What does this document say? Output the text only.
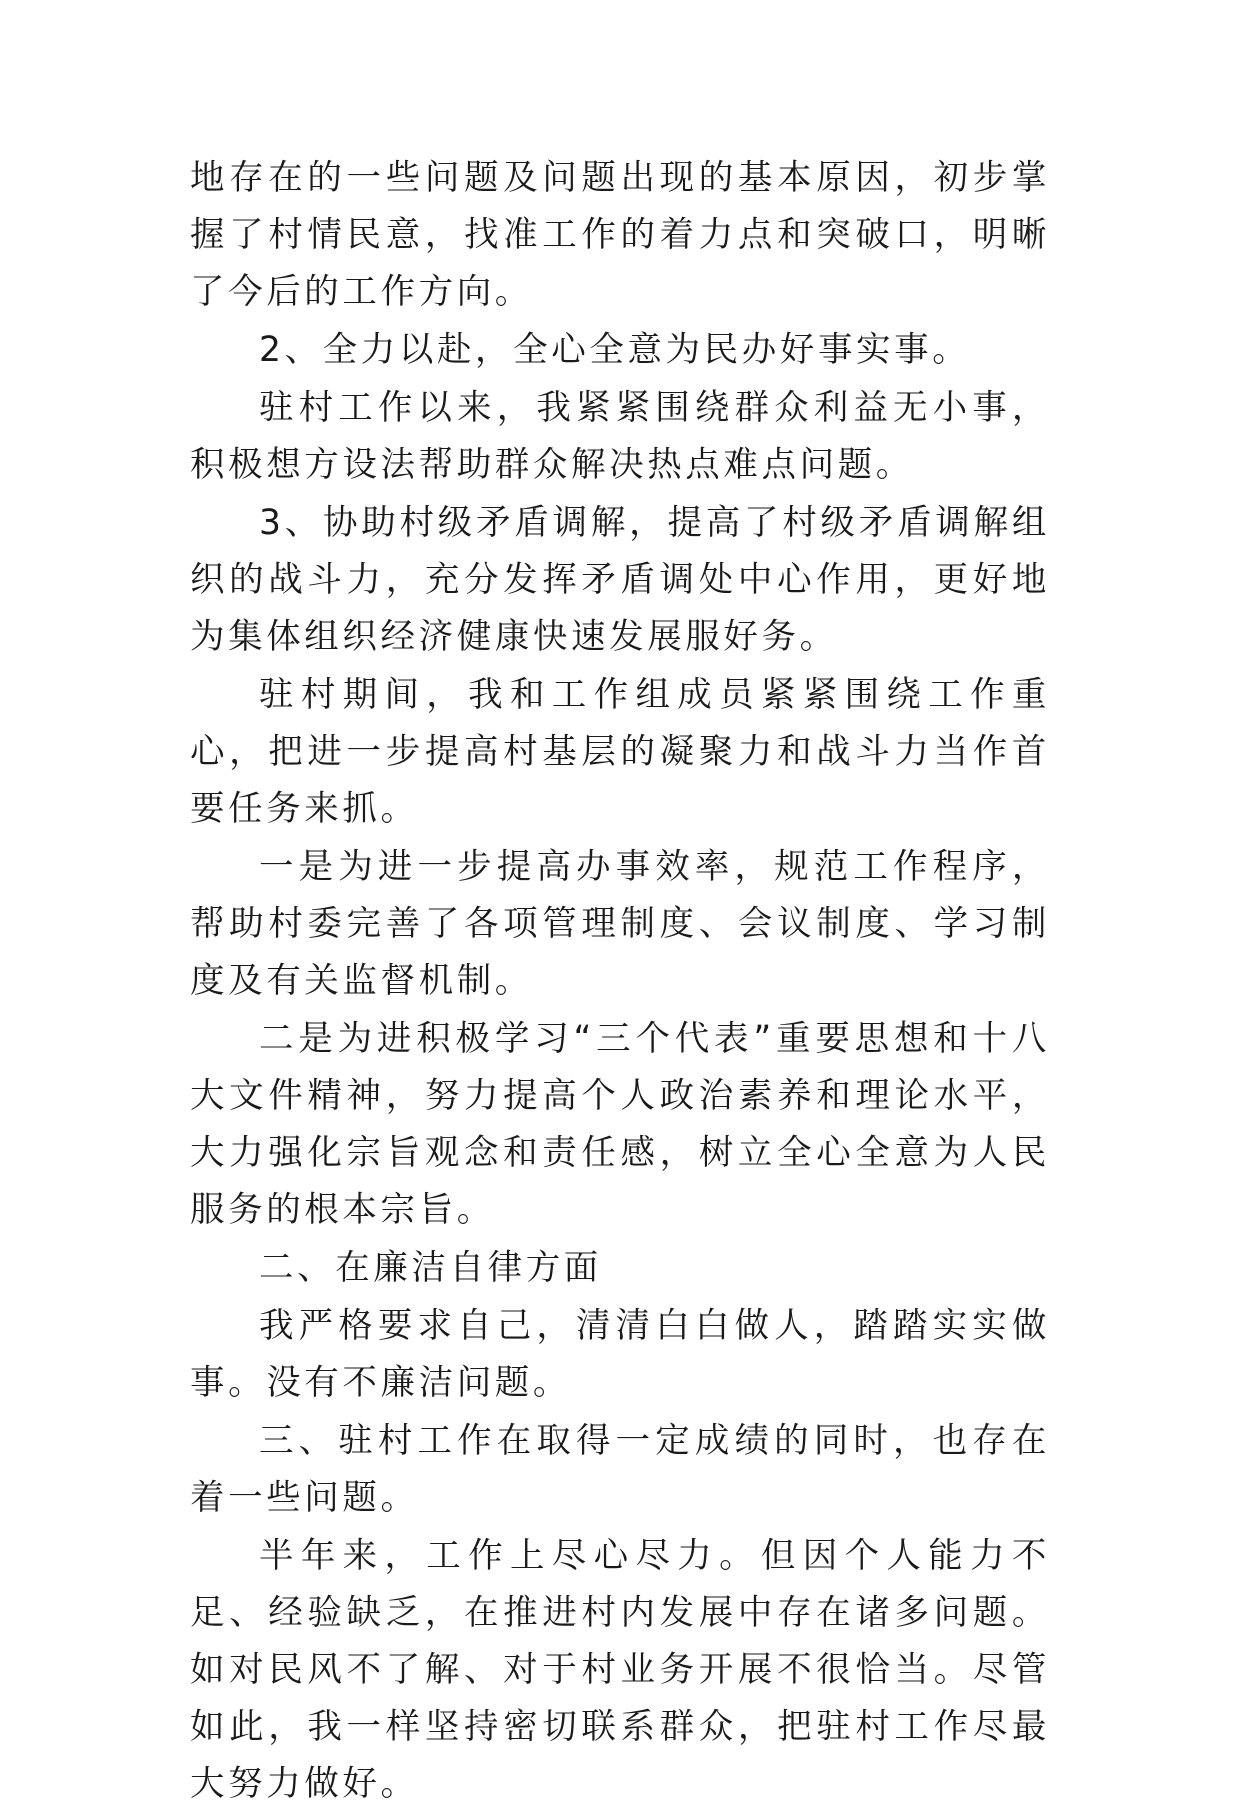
地存在的一些问题及问题出现的基本原因，初步掌握了村情民意，找准工作的着力点和突破口，明晰了今后的工作方向。

2、全力以赴，全心全意为民办好事实事。

驻村工作以来，我紧紧围绕群众利益无小事，积极想方设法帮助群众解决热点难点问题。

3、协助村级矛盾调解，提高了村级矛盾调解组织的战斗力，充分发挥矛盾调处中心作用，更好地为集体组织经济健康快速发展服好务。

驻村期间，我和工作组成员紧紧围绕工作重心，把进一步提高村基层的凝聚力和战斗力当作首要任务来抓。

一是为进一步提高办事效率，规范工作程序，帮助村委完善了各项管理制度、会议制度、学习制度及有关监督机制。

二是为进积极学习“三个代表”重要思想和十八大文件精神，努力提高个人政治素养和理论水平，大力强化宗旨观念和责任感，树立全心全意为人民服务的根本宗旨。

二、在廉洁自律方面

我严格要求自己，清清白白做人，踏踏实实做事。没有不廉洁问题。

三、驻村工作在取得一定成绩的同时，也存在着一些问题。

半年来，工作上尽心尽力。但因个人能力不足、经验缺乏，在推进村内发展中存在诸多问题。如对民风不了解、对于村业务开展不很恰当。尽管如此，我一样坚持密切联系群众，把驻村工作尽最大努力做好。
